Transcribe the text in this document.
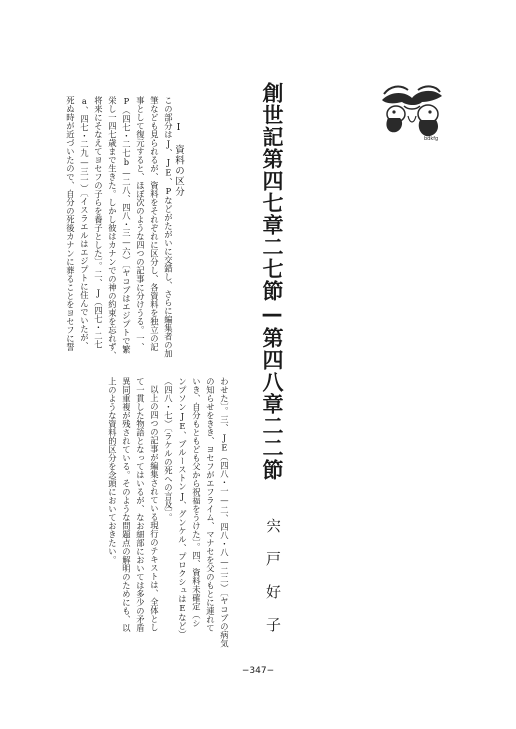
bdkfg
創世記第四七章二七節—第四八章二二節
宍戸好子
Ⅰ　資料の区分
この部分はJ、JE、Pなどがたがいに交錯し、さらに編集者の加
筆なども見られるが、資料をそれぞれに区分し、各資料を独立の記
事として復元すると、ほぼ次のような四つの記事に分けうる。一、
P（四七・二七b—二八、四八・三—六）〔ヤコブはエジプトで繁
栄し一四七歳まで生きた。しかし彼はカナンでの神の約束を忘れず、
将来にそなえてヨセフの子らを養子とした〕。二、J（四七・二七
a、四七・二九—三一）〔イスラエルはエジプトに住んでいたが、
死ぬ時が近づいたので、自分の死後カナンに葬ることをヨセフに誓
わせた〕。三、JE（四八・一—二、四八・八—二二）〔ヤコブの病気
の知らせをきき、ヨセフがエフライム、マナセを父のもとに連れて
いき、自分もともども父から祝福をうけた〕。四、資料未確定（シ
ンプソンJE、ブルーストンJ、グンケル、プロクシュはEなど）
（四八・七）〔ラケルの死への言及〕。
以上の四つの記事が編集されている現行のテキストは、全体とし
て一貫した物語となってはいるが、なお細部においては多少の矛盾
異同重複が残されている。そのような問題点の解明のためにも、以
上のような資料的区分を念頭においておきたい。
−347−
